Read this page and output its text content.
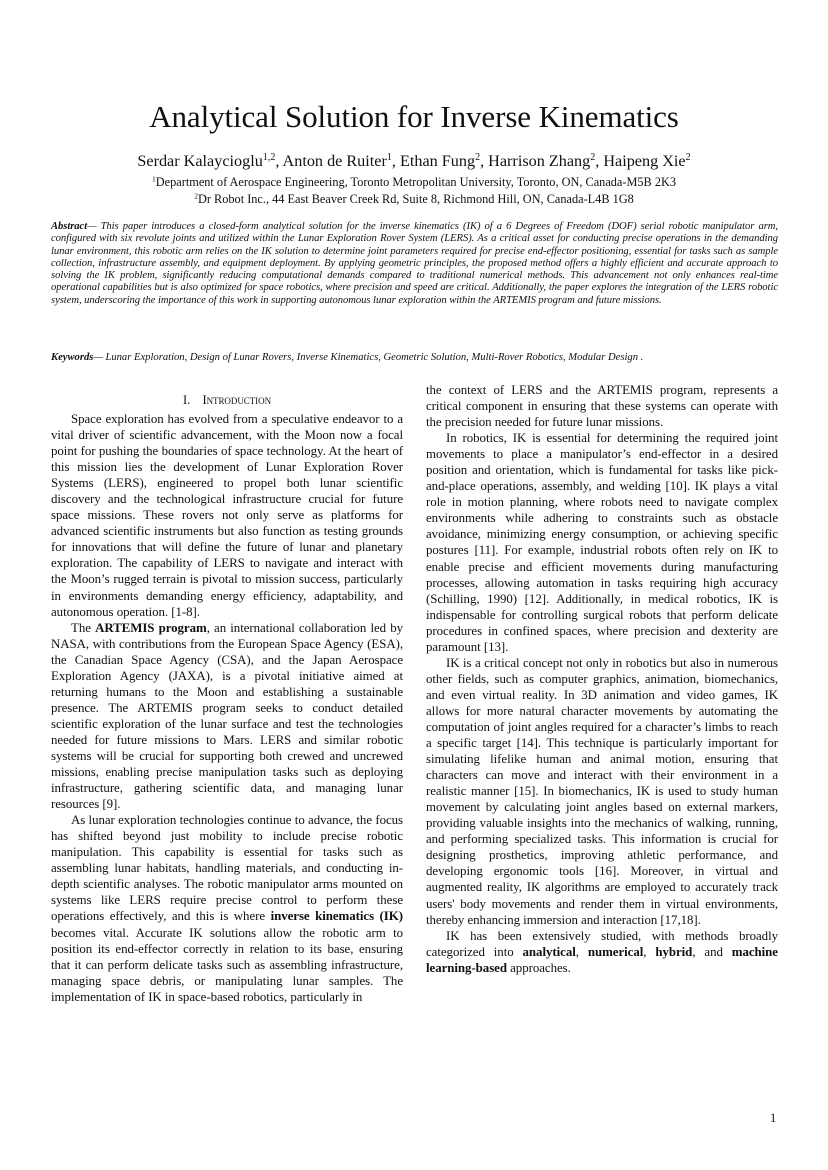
Analytical Solution for Inverse Kinematics
Serdar Kalaycioglu$^{1,2}$, Anton de Ruiter$^1$, Ethan Fung$^2$, Harrison Zhang$^2$, Haipeng Xie$^2$
$^1$Department of Aerospace Engineering, Toronto Metropolitan University, Toronto, ON, Canada-M5B 2K3
$^2$Dr Robot Inc., 44 East Beaver Creek Rd, Suite 8, Richmond Hill, ON, Canada-L4B 1G8
Abstract— This paper introduces a closed-form analytical solution for the inverse kinematics (IK) of a 6 Degrees of Freedom (DOF) serial robotic manipulator arm, configured with six revolute joints and utilized within the Lunar Exploration Rover System (LERS). As a critical asset for conducting precise operations in the demanding lunar environment, this robotic arm relies on the IK solution to determine joint parameters required for precise end-effector positioning, essential for tasks such as sample collection, infrastructure assembly, and equipment deployment. By applying geometric principles, the proposed method offers a highly efficient and accurate approach to solving the IK problem, significantly reducing computational demands compared to traditional numerical methods. This advancement not only enhances real-time operational capabilities but is also optimized for space robotics, where precision and speed are critical. Additionally, the paper explores the integration of the LERS robotic system, underscoring the importance of this work in supporting autonomous lunar exploration within the ARTEMIS program and future missions.
Keywords— Lunar Exploration, Design of Lunar Rovers, Inverse Kinematics, Geometric Solution, Multi-Rover Robotics, Modular Design .
I. Introduction

Space exploration has evolved from a speculative endeavor to a vital driver of scientific advancement, with the Moon now a focal point for pushing the boundaries of space technology. At the heart of this mission lies the development of Lunar Exploration Rover Systems (LERS), engineered to propel both lunar scientific discovery and the technological infrastructure crucial for future space missions. These rovers not only serve as platforms for advanced scientific instruments but also function as testing grounds for innovations that will define the future of lunar and planetary exploration. The capability of LERS to navigate and interact with the Moon’s rugged terrain is pivotal to mission success, particularly in environments demanding energy efficiency, adaptability, and autonomous operation. [1-8].

The ARTEMIS program, an international collaboration led by NASA, with contributions from the European Space Agency (ESA), the Canadian Space Agency (CSA), and the Japan Aerospace Exploration Agency (JAXA), is a pivotal initiative aimed at returning humans to the Moon and establishing a sustainable presence. The ARTEMIS program seeks to conduct detailed scientific exploration of the lunar surface and test the technologies needed for future missions to Mars. LERS and similar robotic systems will be crucial for supporting both crewed and uncrewed missions, enabling precise manipulation tasks such as deploying infrastructure, gathering scientific data, and managing lunar resources [9].

As lunar exploration technologies continue to advance, the focus has shifted beyond just mobility to include precise robotic manipulation. This capability is essential for tasks such as assembling lunar habitats, handling materials, and conducting in-depth scientific analyses. The robotic manipulator arms mounted on systems like LERS require precise control to perform these operations effectively, and this is where inverse kinematics (IK) becomes vital. Accurate IK solutions allow the robotic arm to position its end-effector correctly in relation to its base, ensuring that it can perform delicate tasks such as assembling infrastructure, managing space debris, or manipulating lunar samples. The implementation of IK in space-based robotics, particularly in

the context of LERS and the ARTEMIS program, represents a critical component in ensuring that these systems can operate with the precision needed for future lunar missions.

In robotics, IK is essential for determining the required joint movements to place a manipulator’s end-effector in a desired position and orientation, which is fundamental for tasks like pick-and-place operations, assembly, and welding [10]. IK plays a vital role in motion planning, where robots need to navigate complex environments while adhering to constraints such as obstacle avoidance, minimizing energy consumption, or achieving specific postures [11]. For example, industrial robots often rely on IK to enable precise and efficient movements during manufacturing processes, allowing automation in tasks requiring high accuracy (Schilling, 1990) [12]. Additionally, in medical robotics, IK is indispensable for controlling surgical robots that perform delicate procedures in confined spaces, where precision and dexterity are paramount [13].

IK is a critical concept not only in robotics but also in numerous other fields, such as computer graphics, animation, biomechanics, and even virtual reality. In 3D animation and video games, IK allows for more natural character movements by automating the computation of joint angles required for a character’s limbs to reach a specific target [14]. This technique is particularly important for simulating lifelike human and animal motion, ensuring that characters can move and interact with their environment in a realistic manner [15]. In biomechanics, IK is used to study human movement by calculating joint angles based on external markers, providing valuable insights into the mechanics of walking, running, and performing specialized tasks. This information is crucial for designing prosthetics, improving athletic performance, and developing ergonomic tools [16]. Moreover, in virtual and augmented reality, IK algorithms are employed to accurately track users' body movements and render them in virtual environments, thereby enhancing immersion and interaction [17,18].

IK has been extensively studied, with methods broadly categorized into analytical, numerical, hybrid, and machine learning-based approaches.

1
